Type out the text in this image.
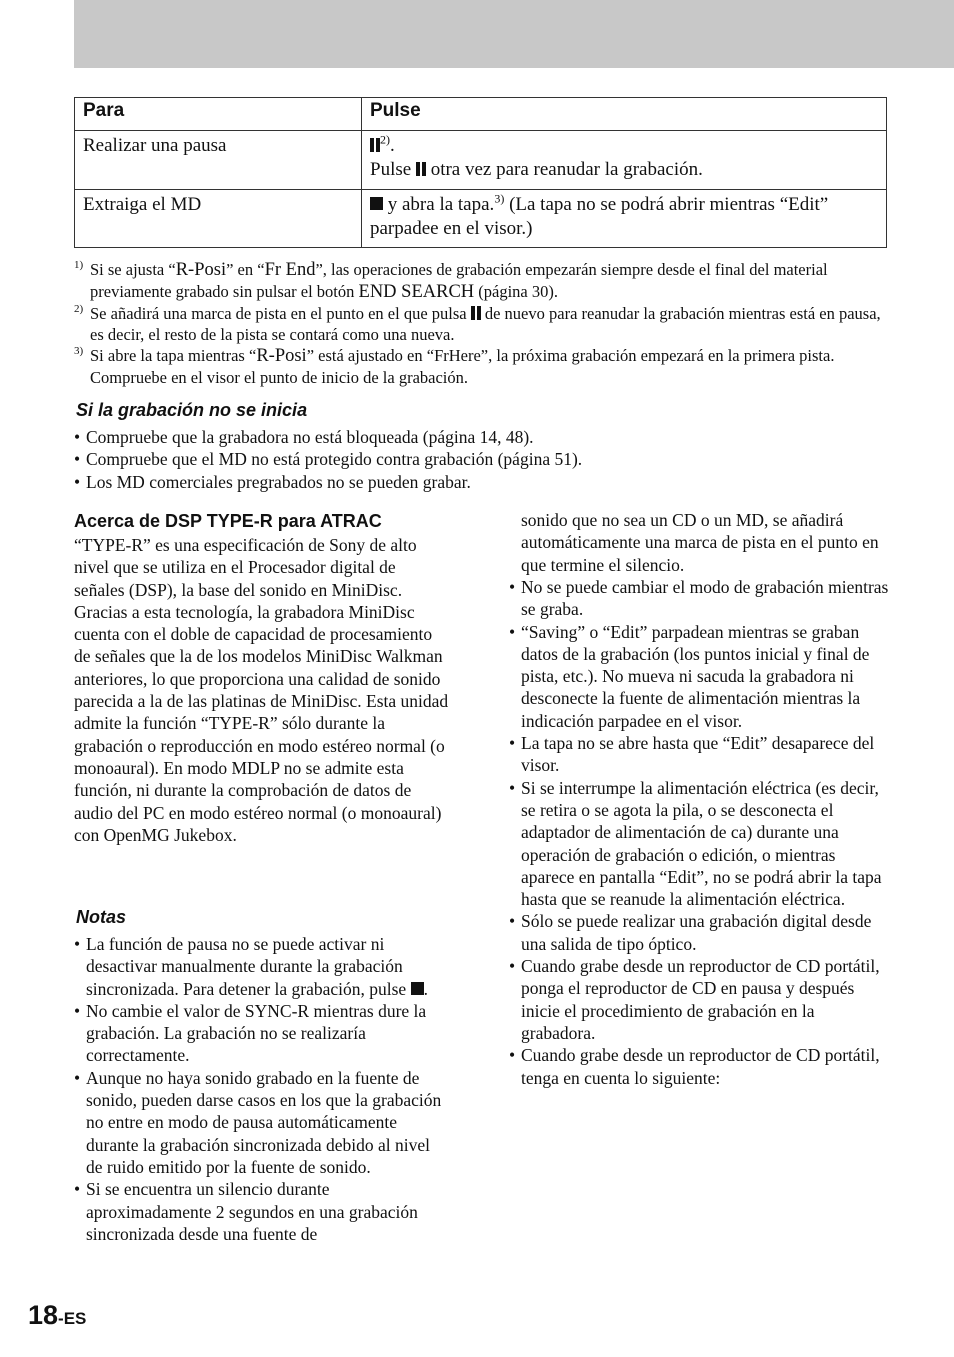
Para	Pulse
Realizar una pausa	$^{2)}$.
Pulse  otra vez para reanudar la grabación.
Extraiga el MD	y abra la tapa.$^{3)}$ (La tapa no se podrá abrir mientras “Edit” parpadee en el visor.)

1) Si se ajusta “R-Posi” en “Fr End”, las operaciones de grabación empezarán siempre desde el final del material previamente grabado sin pulsar el botón END SEARCH (página 30).

2) Se añadirá una marca de pista en el punto en el que pulsa  de nuevo para reanudar la grabación mientras está en pausa, es decir, el resto de la pista se contará como una nueva.

3) Si abre la tapa mientras “R-Posi” está ajustado en “FrHere”, la próxima grabación empezará en la primera pista. Compruebe en el visor el punto de inicio de la grabación.

Si la grabación no se inicia
• Compruebe que la grabadora no está bloqueada (página 14, 48).
• Compruebe que el MD no está protegido contra grabación (página 51).
• Los MD comerciales pregrabados no se pueden grabar.
Acerca de DSP TYPE-R para ATRAC

“TYPE-R” es una especificación de Sony de alto nivel que se utiliza en el Procesador digital de señales (DSP), la base del sonido en MiniDisc. Gracias a esta tecnología, la grabadora MiniDisc cuenta con el doble de capacidad de procesamiento de señales que la de los modelos MiniDisc Walkman anteriores, lo que proporciona una calidad de sonido parecida a la de las platinas de MiniDisc. Esta unidad admite la función “TYPE-R” sólo durante la grabación o reproducción en modo estéreo normal (o monoaural). En modo MDLP no se admite esta función, ni durante la comprobación de datos de audio del PC en modo estéreo normal (o monoaural) con OpenMG Jukebox.

Notas
• La función de pausa no se puede activar ni desactivar manualmente durante la grabación sincronizada. Para detener la grabación, pulse .
• No cambie el valor de SYNC-R mientras dure la grabación. La grabación no se realizaría correctamente.
• Aunque no haya sonido grabado en la fuente de sonido, pueden darse casos en los que la grabación no entre en modo de pausa automáticamente durante la grabación sincronizada debido al nivel de ruido emitido por la fuente de sonido.
• Si se encuentra un silencio durante aproximadamente 2 segundos en una grabación sincronizada desde una fuente de

sonido que no sea un CD o un MD, se añadirá automáticamente una marca de pista en el punto en que termine el silencio.

• No se puede cambiar el modo de grabación mientras se graba.
• “Saving” o “Edit” parpadean mientras se graban datos de la grabación (los puntos inicial y final de pista, etc.). No mueva ni sacuda la grabadora ni desconecte la fuente de alimentación mientras la indicación parpadee en el visor.
• La tapa no se abre hasta que “Edit” desaparece del visor.
• Si se interrumpe la alimentación eléctrica (es decir, se retira o se agota la pila, o se desconecta el adaptador de alimentación de ca) durante una operación de grabación o edición, o mientras aparece en pantalla “Edit”, no se podrá abrir la tapa hasta que se reanude la alimentación eléctrica.
• Sólo se puede realizar una grabación digital desde una salida de tipo óptico.
• Cuando grabe desde un reproductor de CD portátil, ponga el reproductor de CD en pausa y después inicie el procedimiento de grabación en la grabadora.
• Cuando grabe desde un reproductor de CD portátil, tenga en cuenta lo siguiente:
18-ES
